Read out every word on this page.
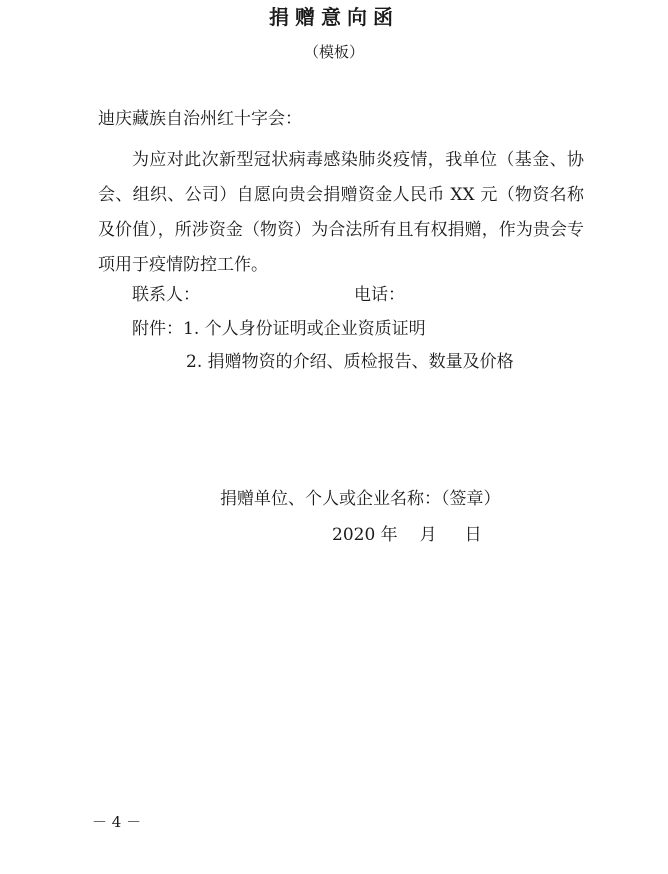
捐赠意向函
（模板）
迪庆藏族自治州红十字会：
为应对此次新型冠状病毒感染肺炎疫情，我单位（基金、协会、组织、公司）自愿向贵会捐赠资金人民币 XX 元（物资名称及价值），所涉资金（物资）为合法所有且有权捐赠，作为贵会专项用于疫情防控工作。
联系人：	电话：
附件：1. 个人身份证明或企业资质证明
2. 捐赠物资的介绍、质检报告、数量及价格
捐赠单位、个人或企业名称：（签章）
2020 年 月 日
－ 4 －
